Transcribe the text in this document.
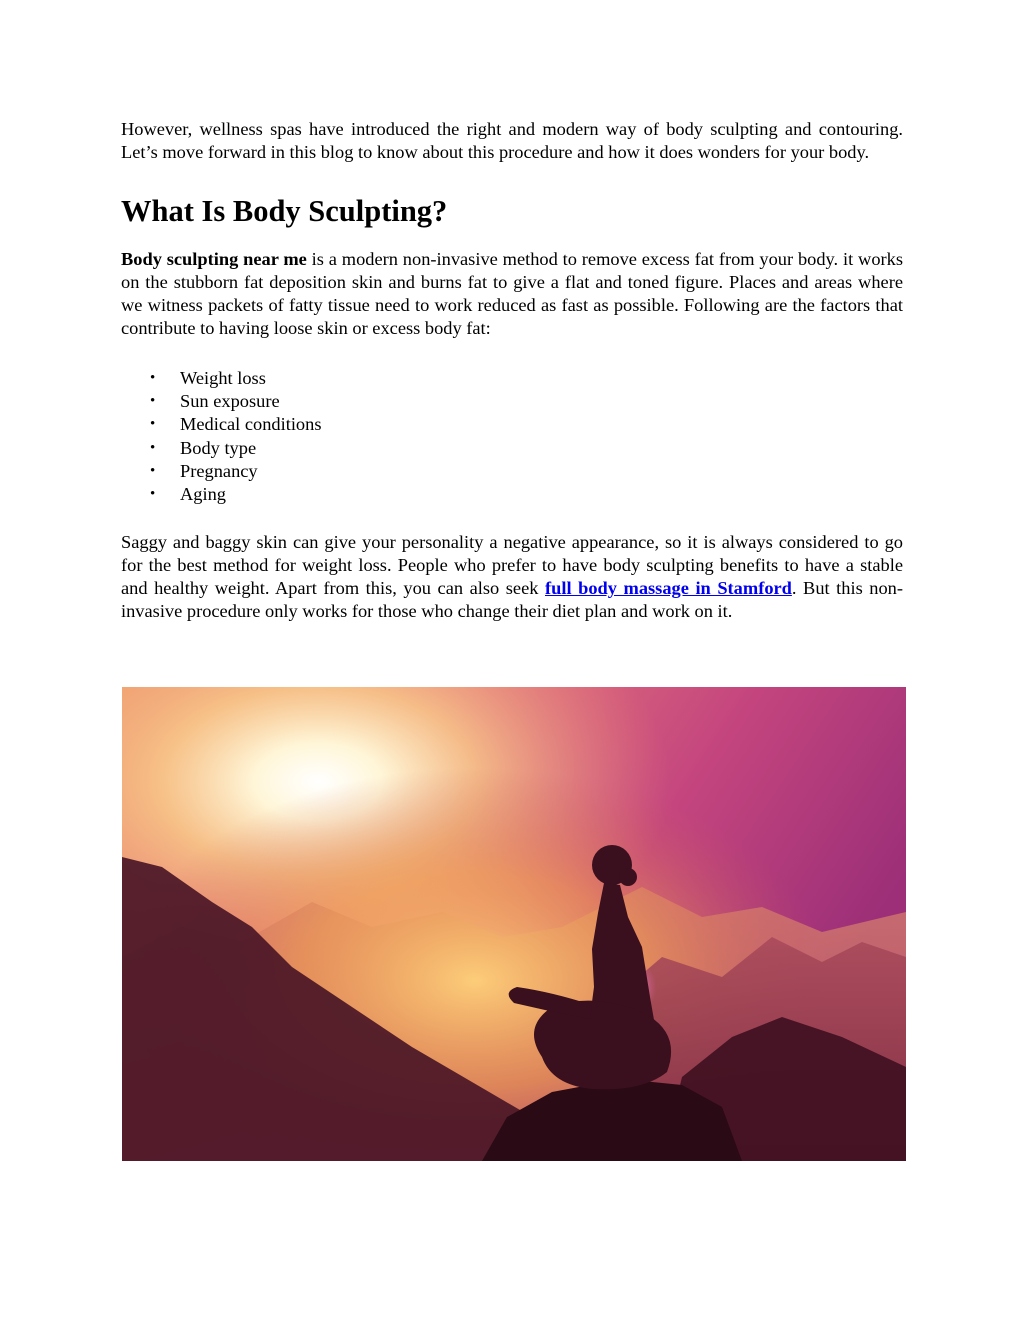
However, wellness spas have introduced the right and modern way of body sculpting and contouring. Let’s move forward in this blog to know about this procedure and how it does wonders for your body.

What Is Body Sculpting?

Body sculpting near me is a modern non-invasive method to remove excess fat from your body. it works on the stubborn fat deposition skin and burns fat to give a flat and toned figure. Places and areas where we witness packets of fatty tissue need to work reduced as fast as possible. Following are the factors that contribute to having loose skin or excess body fat:

• Weight loss
• Sun exposure
• Medical conditions
• Body type
• Pregnancy
• Aging

Saggy and baggy skin can give your personality a negative appearance, so it is always considered to go for the best method for weight loss. People who prefer to have body sculpting benefits to have a stable and healthy weight. Apart from this, you can also seek full body massage in Stamford. But this non-invasive procedure only works for those who change their diet plan and work on it.
